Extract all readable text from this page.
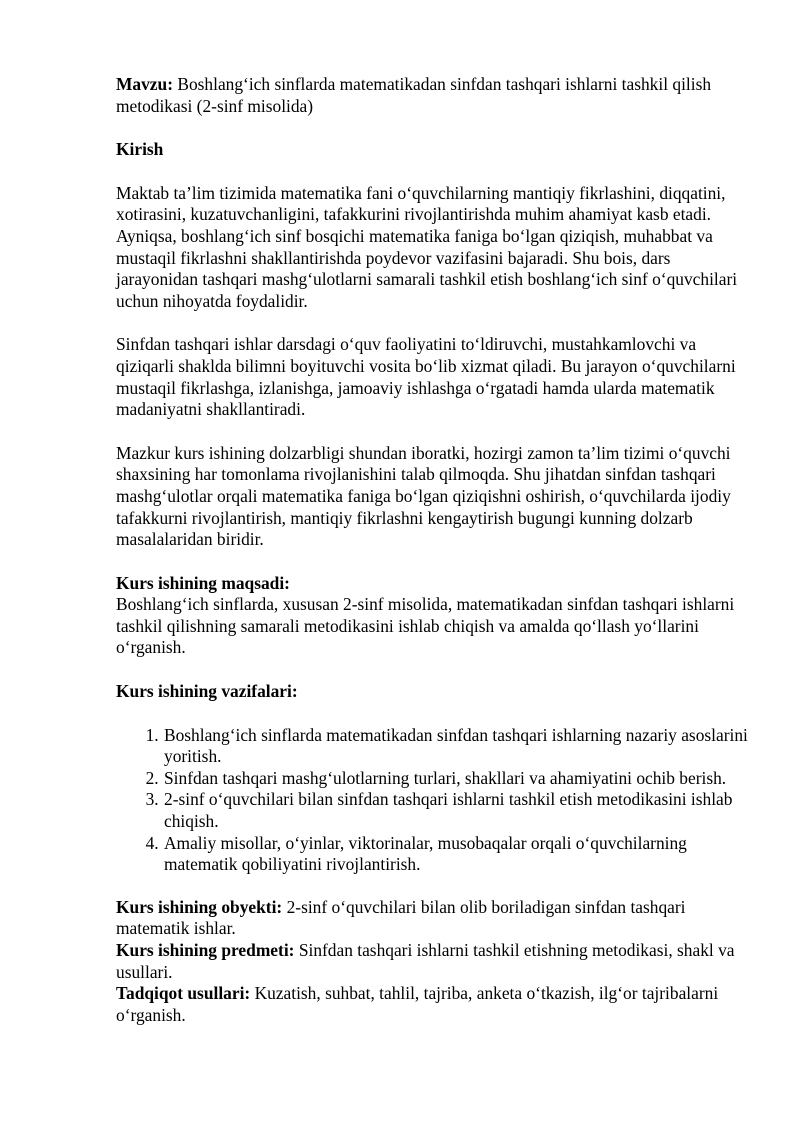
Mavzu: Boshlang‘ich sinflarda matematikadan sinfdan tashqari ishlarni tashkil qilish metodikasi (2-sinf misolida)

Kirish

Maktab ta’lim tizimida matematika fani o‘quvchilarning mantiqiy fikrlashini, diqqatini, xotirasini, kuzatuvchanligini, tafakkurini rivojlantirishda muhim ahamiyat kasb etadi. Ayniqsa, boshlang‘ich sinf bosqichi matematika faniga bo‘lgan qiziqish, muhabbat va mustaqil fikrlashni shakllantirishda poydevor vazifasini bajaradi. Shu bois, dars jarayonidan tashqari mashg‘ulotlarni samarali tashkil etish boshlang‘ich sinf o‘quvchilari uchun nihoyatda foydalidir.

Sinfdan tashqari ishlar darsdagi o‘quv faoliyatini to‘ldiruvchi, mustahkamlovchi va qiziqarli shaklda bilimni boyituvchi vosita bo‘lib xizmat qiladi. Bu jarayon o‘quvchilarni mustaqil fikrlashga, izlanishga, jamoaviy ishlashga o‘rgatadi hamda ularda matematik madaniyatni shakllantiradi.

Mazkur kurs ishining dolzarbligi shundan iboratki, hozirgi zamon ta’lim tizimi o‘quvchi shaxsining har tomonlama rivojlanishini talab qilmoqda. Shu jihatdan sinfdan tashqari mashg‘ulotlar orqali matematika faniga bo‘lgan qiziqishni oshirish, o‘quvchilarda ijodiy tafakkurni rivojlantirish, mantiqiy fikrlashni kengaytirish bugungi kunning dolzarb masalalaridan biridir.

Kurs ishining maqsadi:
Boshlang‘ich sinflarda, xususan 2-sinf misolida, matematikadan sinfdan tashqari ishlarni tashkil qilishning samarali metodikasini ishlab chiqish va amalda qo‘llash yo‘llarini o‘rganish.

Kurs ishining vazifalari:

1. Boshlang‘ich sinflarda matematikadan sinfdan tashqari ishlarning nazariy asoslarini yoritish.
2. Sinfdan tashqari mashg‘ulotlarning turlari, shakllari va ahamiyatini ochib berish.
3. 2-sinf o‘quvchilari bilan sinfdan tashqari ishlarni tashkil etish metodikasini ishlab chiqish.
4. Amaliy misollar, o‘yinlar, viktorinalar, musobaqalar orqali o‘quvchilarning matematik qobiliyatini rivojlantirish.

Kurs ishining obyekti: 2-sinf o‘quvchilari bilan olib boriladigan sinfdan tashqari matematik ishlar.

Kurs ishining predmeti: Sinfdan tashqari ishlarni tashkil etishning metodikasi, shakl va usullari.

Tadqiqot usullari: Kuzatish, suhbat, tahlil, tajriba, anketa o‘tkazish, ilg‘or tajribalarni o‘rganish.
